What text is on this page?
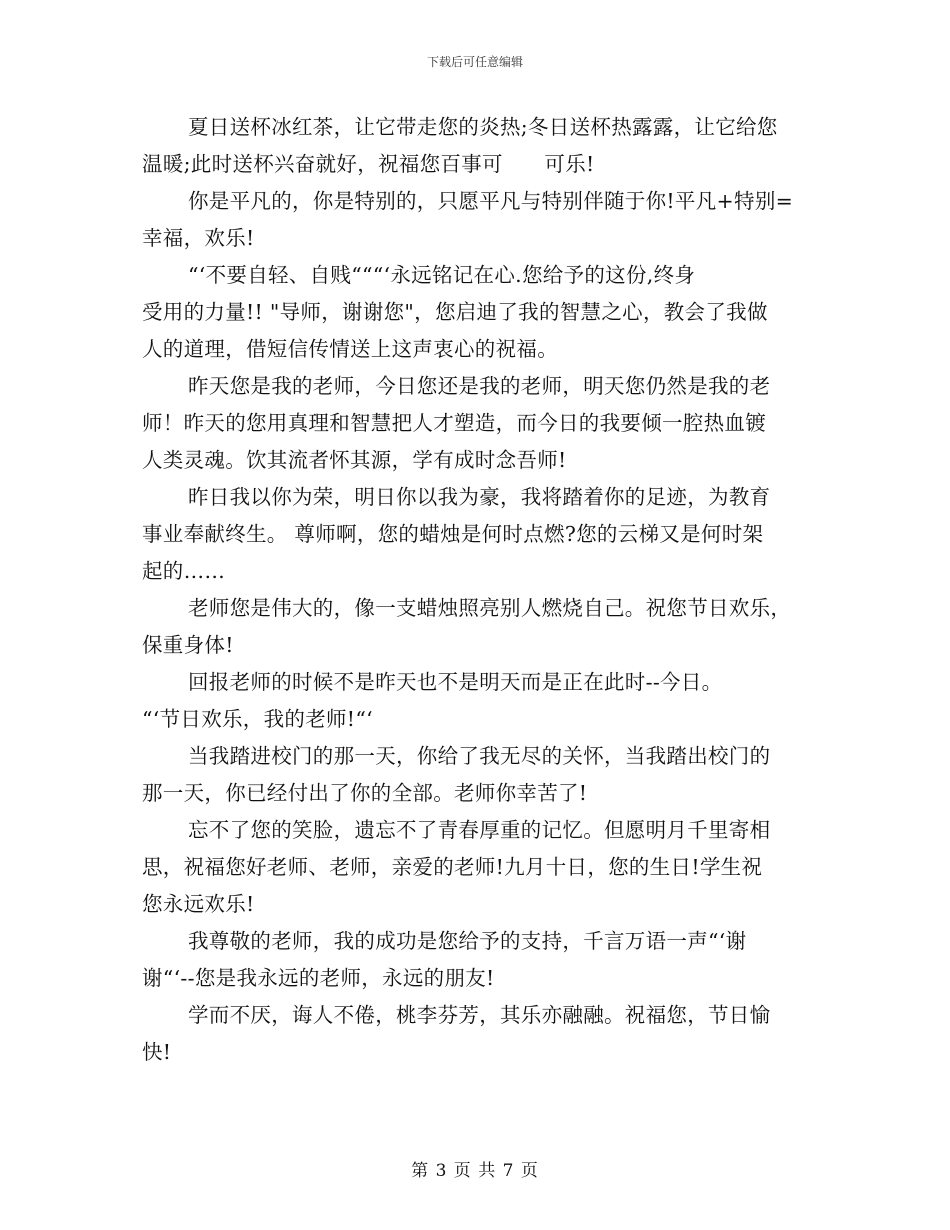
下载后可任意编辑

夏日送杯冰红茶，让它带走您的炎热;冬日送杯热露露，让它给您
温暖;此时送杯兴奋就好，祝福您百事可　　可乐!

你是平凡的，你是特别的，只愿平凡与特别伴随于你!平凡+特别=
幸福，欢乐!

“‘不要自轻、自贱“““‘永远铭记在心.您给予的这份,终身
受用的力量!! "导师，谢谢您"，您启迪了我的智慧之心，教会了我做
人的道理，借短信传情送上这声衷心的祝福。

昨天您是我的老师，今日您还是我的老师，明天您仍然是我的老
师！昨天的您用真理和智慧把人才塑造，而今日的我要倾一腔热血镀
人类灵魂。饮其流者怀其源，学有成时念吾师!

昨日我以你为荣，明日你以我为豪，我将踏着你的足迹，为教育
事业奉献终生。 尊师啊，您的蜡烛是何时点燃?您的云梯又是何时架
起的……

老师您是伟大的，像一支蜡烛照亮别人燃烧自己。祝您节日欢乐，
保重身体!

回报老师的时候不是昨天也不是明天而是正在此时--今日。

“‘节日欢乐，我的老师!“‘

当我踏进校门的那一天，你给了我无尽的关怀，当我踏出校门的
那一天，你已经付出了你的全部。老师你幸苦了!

忘不了您的笑脸，遗忘不了青春厚重的记忆。但愿明月千里寄相
思，祝福您好老师、老师，亲爱的老师!九月十日，您的生日!学生祝
您永远欢乐!

我尊敬的老师，我的成功是您给予的支持，千言万语一声“‘谢
谢“‘--您是我永远的老师，永远的朋友!

学而不厌，诲人不倦，桃李芬芳，其乐亦融融。祝福您，节日愉
快!

第 3 页 共 7 页
